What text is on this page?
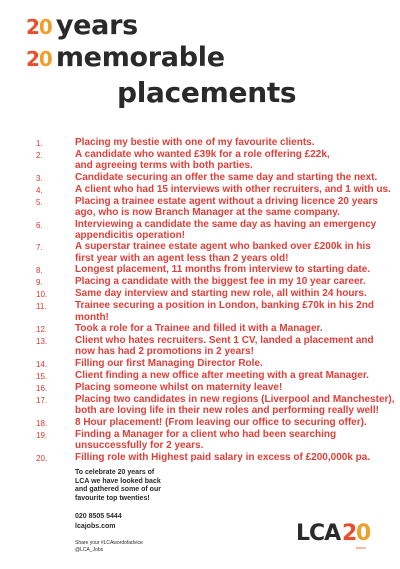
20 years
20 memorable
placements
1.	Placing my bestie with one of my favourite clients.
2.	A candidate who wanted £39k for a role offering £22k,
and agreeing terms with both parties.
3.	Candidate securing an offer the same day and starting the next.
4.	A client who had 15 interviews with other recruiters, and 1 with us.
5.	Placing a trainee estate agent without a driving licence 20 years
ago, who is now Branch Manager at the same company.
6.	Interviewing a candidate the same day as having an emergency
appendicitis operation!
7.	A superstar trainee estate agent who banked over £200k in his
first year with an agent less than 2 years old!
8.	Longest placement, 11 months from interview to starting date.
9.	Placing a candidate with the biggest fee in my 10 year career.
10.	Same day interview and starting new role, all within 24 hours.
11.	Trainee securing a position in London, banking £70k in his 2nd month!
12.	Took a role for a Trainee and filled it with a Manager.
13.	Client who hates recruiters. Sent 1 CV, landed a placement and
now has had 2 promotions in 2 years!
14.	Filling our first Managing Director Role.
15.	Client finding a new office after meeting with a great Manager.
16.	Placing someone whilst on maternity leave!
17.	Placing two candidates in new regions (Liverpool and Manchester),
both are loving life in their new roles and performing really well!
18.	8 Hour placement! (From leaving our office to securing offer).
19.	Finding a Manager for a client who had been searching
unsuccessfully for 2 years.
20.	Filling role with Highest paid salary in excess of £200,000k pa.
To celebrate 20 years of
LCA we have looked back
and gathered some of our
favourite top twenties!
020 8505 5444
lcajobs.com
Share your #LCAwordofadvice
@LCA_Jobs
LCA 20
years
